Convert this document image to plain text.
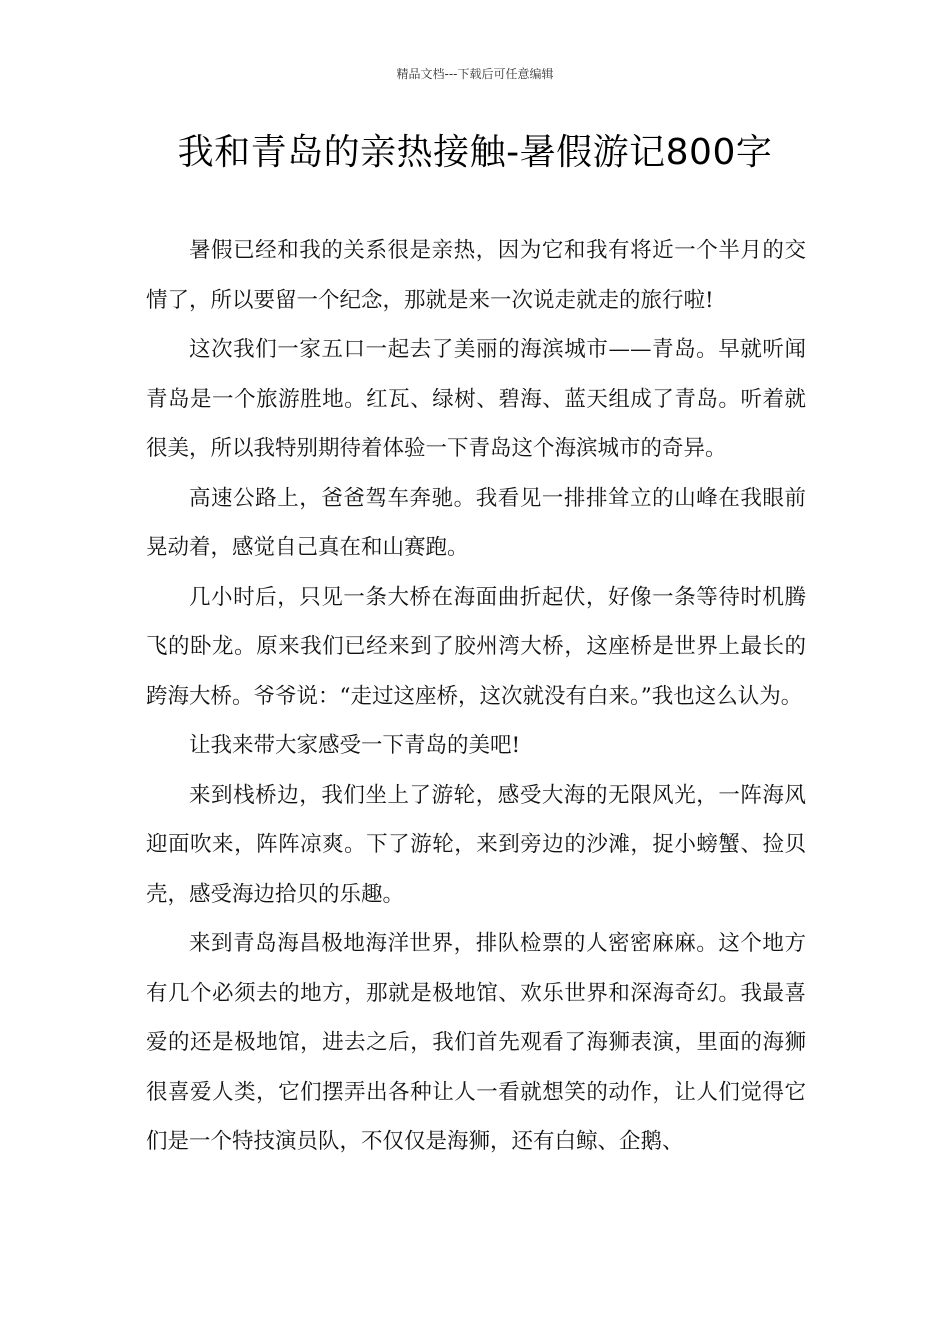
精品文档---下载后可任意编辑
我和青岛的亲热接触-暑假游记800字

暑假已经和我的关系很是亲热，因为它和我有将近一个半月的交情了，所以要留一个纪念，那就是来一次说走就走的旅行啦!

这次我们一家五口一起去了美丽的海滨城市——青岛。早就听闻青岛是一个旅游胜地。红瓦、绿树、碧海、蓝天组成了青岛。听着就很美，所以我特别期待着体验一下青岛这个海滨城市的奇异。

高速公路上，爸爸驾车奔驰。我看见一排排耸立的山峰在我眼前晃动着，感觉自己真在和山赛跑。

几小时后，只见一条大桥在海面曲折起伏，好像一条等待时机腾飞的卧龙。原来我们已经来到了胶州湾大桥，这座桥是世界上最长的跨海大桥。爷爷说：“走过这座桥，这次就没有白来。”我也这么认为。

让我来带大家感受一下青岛的美吧!

来到栈桥边，我们坐上了游轮，感受大海的无限风光，一阵海风迎面吹来，阵阵凉爽。下了游轮，来到旁边的沙滩，捉小螃蟹、捡贝壳，感受海边拾贝的乐趣。

来到青岛海昌极地海洋世界，排队检票的人密密麻麻。这个地方有几个必须去的地方，那就是极地馆、欢乐世界和深海奇幻。我最喜爱的还是极地馆，进去之后，我们首先观看了海狮表演，里面的海狮很喜爱人类，它们摆弄出各种让人一看就想笑的动作，让人们觉得它们是一个特技演员队，不仅仅是海狮，还有白鲸、企鹅、
